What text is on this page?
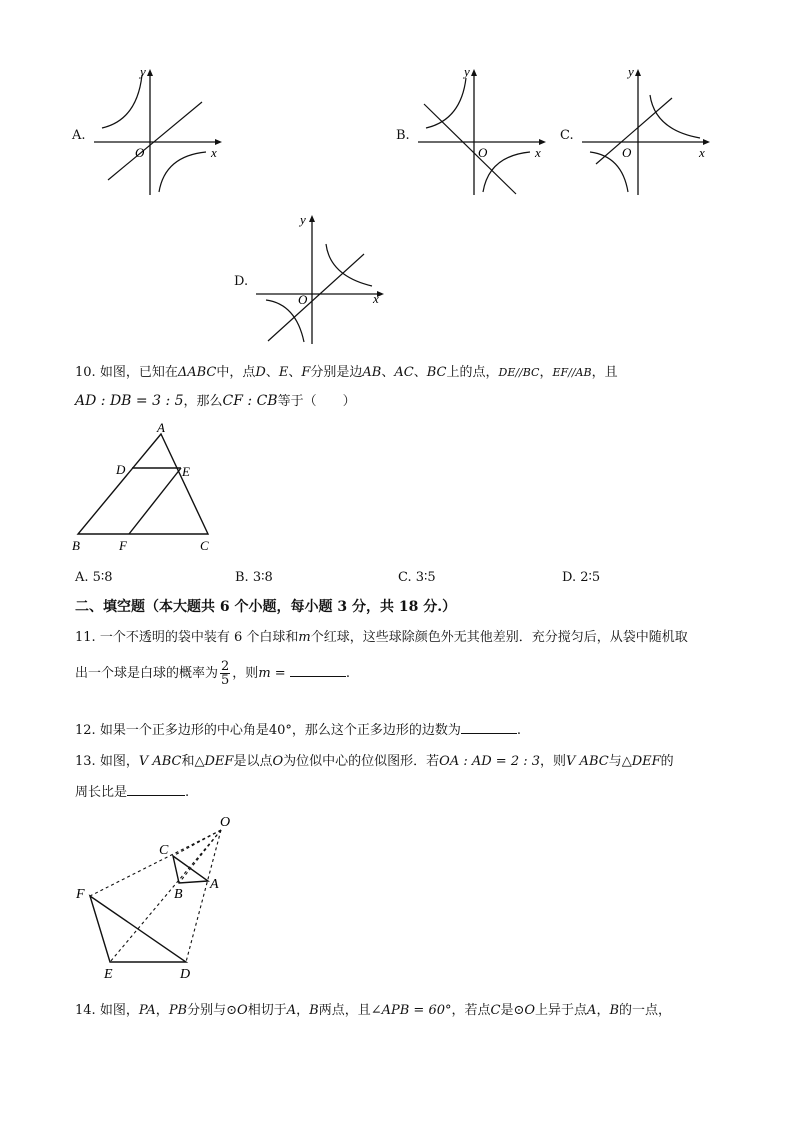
A.
x
y
O
B.
x
y
O
C.
x
y
O
D.
x
y
O
10. 如图，已知在ΔABC中，点D、E、F分别是边AB、AC、BC上的点，DE//BC，EF//AB，且
AD : DB = 3 : 5，那么CF : CB等于（　　）
A
D	E
B	F	C
A. 5∶8	B. 3∶8	C. 3∶5	D. 2∶5
二、填空题（本大题共 6 个小题，每小题 3 分，共 18 分.）
11. 一个不透明的袋中装有 6 个白球和m个红球，这些球除颜色外无其他差别．充分搅匀后，从袋中随机取
出一个球是白球的概率为 $\frac{2}{5}$ ，则m =	.
12. 如果一个正多边形的中心角是40°，那么这个正多边形的边数为	.
13. 如图，V ABC和△DEF是以点O为位似中心的位似图形．若OA : AD = 2 : 3，则V ABC与△DEF的
周长比是	.
O
C
B
A
F
E	D
14. 如图，PA，PB分别与⊙O相切于A，B两点，且∠APB = 60°，若点C是⊙O上异于点A，B的一点，
